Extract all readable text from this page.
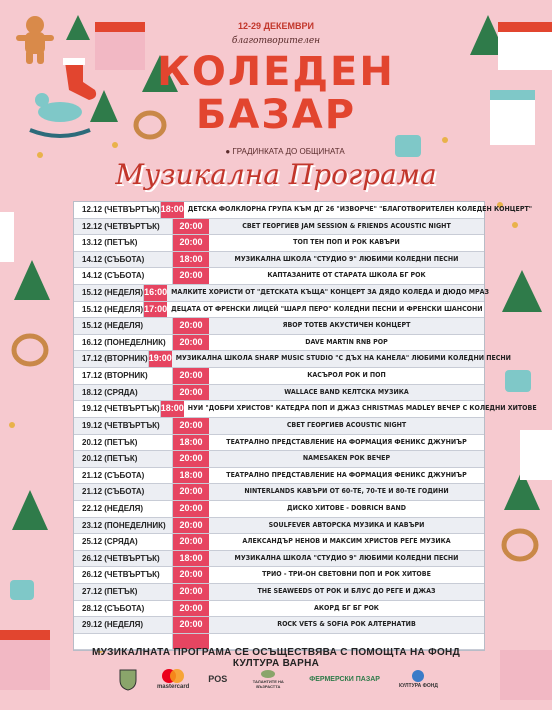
12-29 ДЕКЕМВРИ
благотворителен
КОЛЕДЕН
БАЗАР
● ГРАДИНКАТА ДО ОБЩИНАТА
Музикална Програма
12.12 (ЧЕТВЪРТЪК) 18:00 ДЕТСКА ФОЛКЛОРНА ГРУПА КЪМ ДГ 26 "ИЗВОРЧЕ" "БЛАГОТВОРИТЕЛЕН КОЛЕДЕН КОНЦЕРТ"
12.12 (ЧЕТВЪРТЪК)	20:00	СВЕТ ГЕОРГИЕВ JAM SESSION & FRIENDS ACOUSTIC NIGHT
13.12 (ПЕТЪК)	20:00	ТОП ТЕН ПОП И РОК КАВЪРИ
14.12 (СЪБОТА)	18:00	МУЗИКАЛНА ШКОЛА "СТУДИО 9" ЛЮБИМИ КОЛЕДНИ ПЕСНИ
14.12 (СЪБОТА)	20:00	КАПТАЗАНИТЕ ОТ СТАРАТА ШКОЛА БГ РОК
15.12 (НЕДЕЛЯ) 16:00 МАЛКИТЕ ХОРИСТИ ОТ "ДЕТСКАТА КЪЩА" КОНЦЕРТ ЗА ДЯДО КОЛЕДА И ДЮДО МРАЗ
15.12 (НЕДЕЛЯ) 17:00 ДЕЦАТА ОТ ФРЕНСКИ ЛИЦЕЙ "ШАРЛ ПЕРО" КОЛЕДНИ ПЕСНИ И ФРЕНСКИ ШАНСОНИ
15.12 (НЕДЕЛЯ)	20:00	ЯВОР ТОТЕВ АКУСТИЧЕН КОНЦЕРТ
16.12 (ПОНЕДЕЛНИК)	20:00	DAVE MARTIN RNB POP
17.12 (ВТОРНИК) 19:00 МУЗИКАЛНА ШКОЛА SHARP MUSIC STUDIO "С ДЪХ НА КАНЕЛА" ЛЮБИМИ КОЛЕДНИ ПЕСНИ
17.12 (ВТОРНИК)	20:00	КАСЪРОЛ РОК И ПОП
18.12 (СРЯДА)	20:00	WALLACE BAND КЕЛТСКА МУЗИКА
19.12 (ЧЕТВЪРТЪК) 18:00 НУИ "ДОБРИ ХРИСТОВ" КАТЕДРА ПОП И ДЖАЗ CHRISTMAS MADLEY ВЕЧЕР С КОЛЕДНИ ХИТОВЕ
19.12 (ЧЕТВЪРТЪК)	20:00	СВЕТ ГЕОРГИЕВ ACOUSTIC NIGHT
20.12 (ПЕТЪК)	18:00	ТЕАТРАЛНО ПРЕДСТАВЛЕНИЕ НА ФОРМАЦИЯ ФЕНИКС ДЖУНИЪР
20.12 (ПЕТЪК)	20:00	NAMESAKEN РОК ВЕЧЕР
21.12 (СЪБОТА)	18:00	ТЕАТРАЛНО ПРЕДСТАВЛЕНИЕ НА ФОРМАЦИЯ ФЕНИКС ДЖУНИЪР
21.12 (СЪБОТА)	20:00	NINTERLANDS КАВЪРИ ОТ 60-ТЕ, 70-ТЕ И 80-ТЕ ГОДИНИ
22.12 (НЕДЕЛЯ)	20:00	ДИСКО ХИТОВЕ - DOBRICH BAND
23.12 (ПОНЕДЕЛНИК)	20:00	SOULFEVER АВТОРСКА МУЗИКА И КАВЪРИ
25.12 (СРЯДА)	20:00	АЛЕКСАНДЪР НЕНОВ И МАКСИМ ХРИСТОВ РЕГЕ МУЗИКА
26.12 (ЧЕТВЪРТЪК)	18:00	МУЗИКАЛНА ШКОЛА "СТУДИО 9" ЛЮБИМИ КОЛЕДНИ ПЕСНИ
26.12 (ЧЕТВЪРТЪК)	20:00	ТРИО - ТРИ-ОН СВЕТОВНИ ПОП И РОК ХИТОВЕ
27.12 (ПЕТЪК)	20:00	THE SEAWEEDS ОТ РОК И БЛУС ДО РЕГЕ И ДЖАЗ
28.12 (СЪБОТА)	20:00	АКОРД БГ БГ РОК
29.12 (НЕДЕЛЯ)	20:00	ROCK VETS & SOFIA РОК АЛТЕРНАТИВ
МУЗИКАЛНАТА ПРОГРАМА СЕ ОСЪЩЕСТВЯВА С ПОМОЩТА НА ФОНД КУЛТУРА ВАРНА
mastercard
POS	ТАЛАНТИТЕ НА ВЪЗРАСТТА
ФЕРМЕРСКИ ПАЗАР
КУЛТУРА ФОНД
